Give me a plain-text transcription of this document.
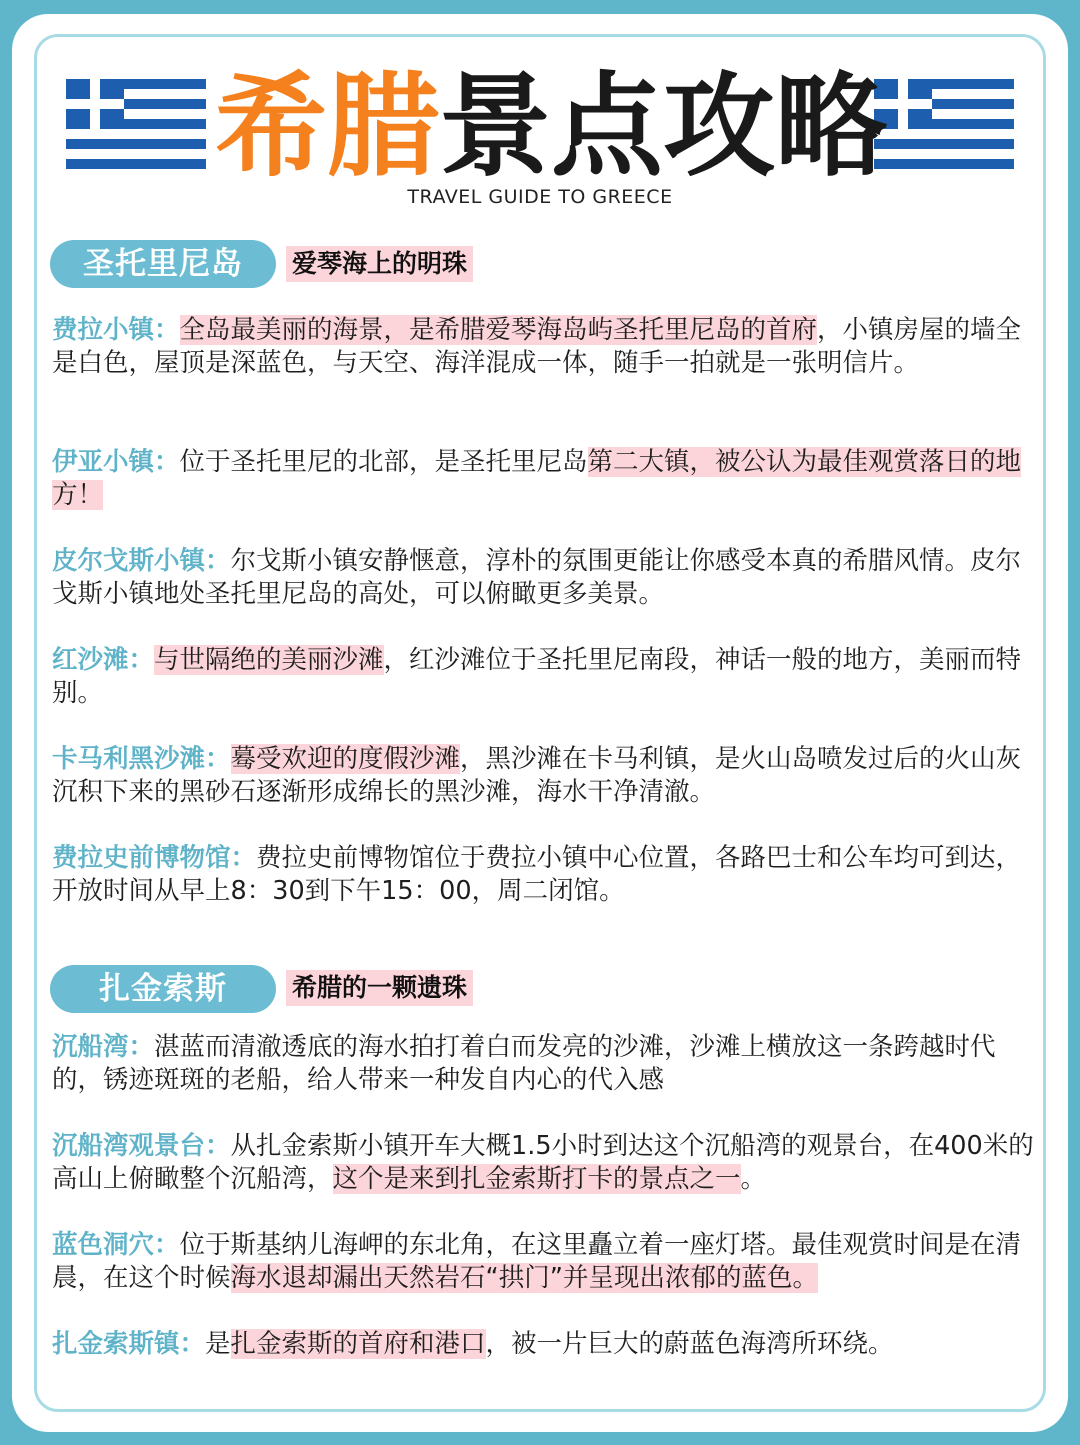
希腊景点攻略
TRAVEL GUIDE TO GREECE
圣托里尼岛	爱琴海上的明珠
费拉小镇：全岛最美丽的海景，是希腊爱琴海岛屿圣托里尼岛的首府，小镇房屋的墙全是白色，屋顶是深蓝色，与天空、海洋混成一体，随手一拍就是一张明信片。
伊亚小镇：位于圣托里尼的北部，是圣托里尼岛第二大镇，被公认为最佳观赏落日的地方！
皮尔戈斯小镇：尔戈斯小镇安静惬意，淳朴的氛围更能让你感受本真的希腊风情。皮尔戈斯小镇地处圣托里尼岛的高处，可以俯瞰更多美景。
红沙滩：与世隔绝的美丽沙滩，红沙滩位于圣托里尼南段，神话一般的地方，美丽而特别。
卡马利黑沙滩：蓦受欢迎的度假沙滩，黑沙滩在卡马利镇，是火山岛喷发过后的火山灰沉积下来的黑砂石逐渐形成绵长的黑沙滩，海水干净清澈。
费拉史前博物馆：费拉史前博物馆位于费拉小镇中心位置，各路巴士和公车均可到达，开放时间从早上8：30到下午15：00，周二闭馆。
扎金索斯	希腊的一颗遗珠
沉船湾：湛蓝而清澈透底的海水拍打着白而发亮的沙滩，沙滩上横放这一条跨越时代的，锈迹斑斑的老船，给人带来一种发自内心的代入感
沉船湾观景台：从扎金索斯小镇开车大概1.5小时到达这个沉船湾的观景台，在400米的高山上俯瞰整个沉船湾，这个是来到扎金索斯打卡的景点之一。
蓝色洞穴：位于斯基纳儿海岬的东北角，在这里矗立着一座灯塔。最佳观赏时间是在清晨，在这个时候海水退却漏出天然岩石“拱门”并呈现出浓郁的蓝色。
扎金索斯镇：是扎金索斯的首府和港口，被一片巨大的蔚蓝色海湾所环绕。
